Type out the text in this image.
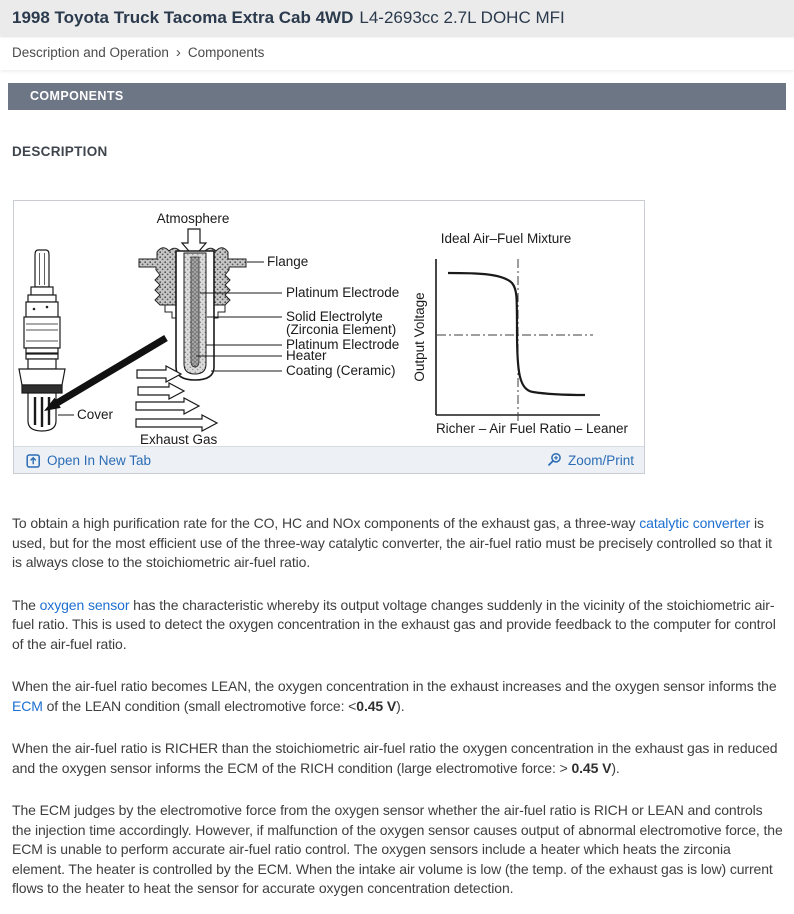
1998 Toyota Truck Tacoma Extra Cab 4WD L4-2693cc 2.7L DOHC MFI
Description and Operation › Components
COMPONENTS
DESCRIPTION
Cover
Atmosphere
Flange
Platinum Electrode
Solid Electrolyte
(Zirconia Element)
Platinum Electrode
Heater
Coating (Ceramic)
Exhaust Gas
Ideal Air–Fuel Mixture
Output Voltage
Richer – Air Fuel Ratio – Leaner
Open In New Tab	Zoom/Print

To obtain a high purification rate for the CO, HC and NOx components of the exhaust gas, a three-way catalytic converter is used, but for the most efficient use of the three-way catalytic converter, the air-fuel ratio must be precisely controlled so that it is always close to the stoichiometric air-fuel ratio.

The oxygen sensor has the characteristic whereby its output voltage changes suddenly in the vicinity of the stoichiometric air-fuel ratio. This is used to detect the oxygen concentration in the exhaust gas and provide feedback to the computer for control of the air-fuel ratio.

When the air-fuel ratio becomes LEAN, the oxygen concentration in the exhaust increases and the oxygen sensor informs the ECM of the LEAN condition (small electromotive force: <0.45 V).

When the air-fuel ratio is RICHER than the stoichiometric air-fuel ratio the oxygen concentration in the exhaust gas in reduced and the oxygen sensor informs the ECM of the RICH condition (large electromotive force: > 0.45 V).

The ECM judges by the electromotive force from the oxygen sensor whether the air-fuel ratio is RICH or LEAN and controls the injection time accordingly. However, if malfunction of the oxygen sensor causes output of abnormal electromotive force, the ECM is unable to perform accurate air-fuel ratio control. The oxygen sensors include a heater which heats the zirconia element. The heater is controlled by the ECM. When the intake air volume is low (the temp. of the exhaust gas is low) current flows to the heater to heat the sensor for accurate oxygen concentration detection.
